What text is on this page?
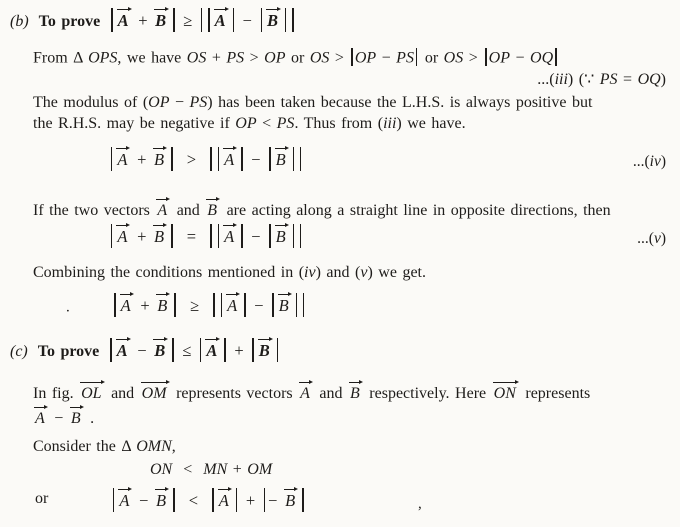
(b) To prove A + B ≥ A − B
From Δ OPS, we have OS + PS > OP or OS > OP − PS or OS > OP − OQ
...(iii) (∵ PS = OQ)
The modulus of (OP − PS) has been taken because the L.H.S. is always positive but
the R.H.S. may be negative if OP < PS. Thus from (iii) we have.
A + B  >  A − B	...(iv)
If the two vectors A and B are acting along a straight line in opposite directions, then
A + B  =  A − B	...(v)
Combining the conditions mentioned in (iv) and (v) we get.
.	A + B  ≥  A − B
(c) To prove A − B ≤ A + B
In fig. OL and OM represents vectors A and B respectively. Here ON represents
A − B .
Consider the Δ OMN,
ON  <  MN + OM
or	A − B  <  A + − B	,
